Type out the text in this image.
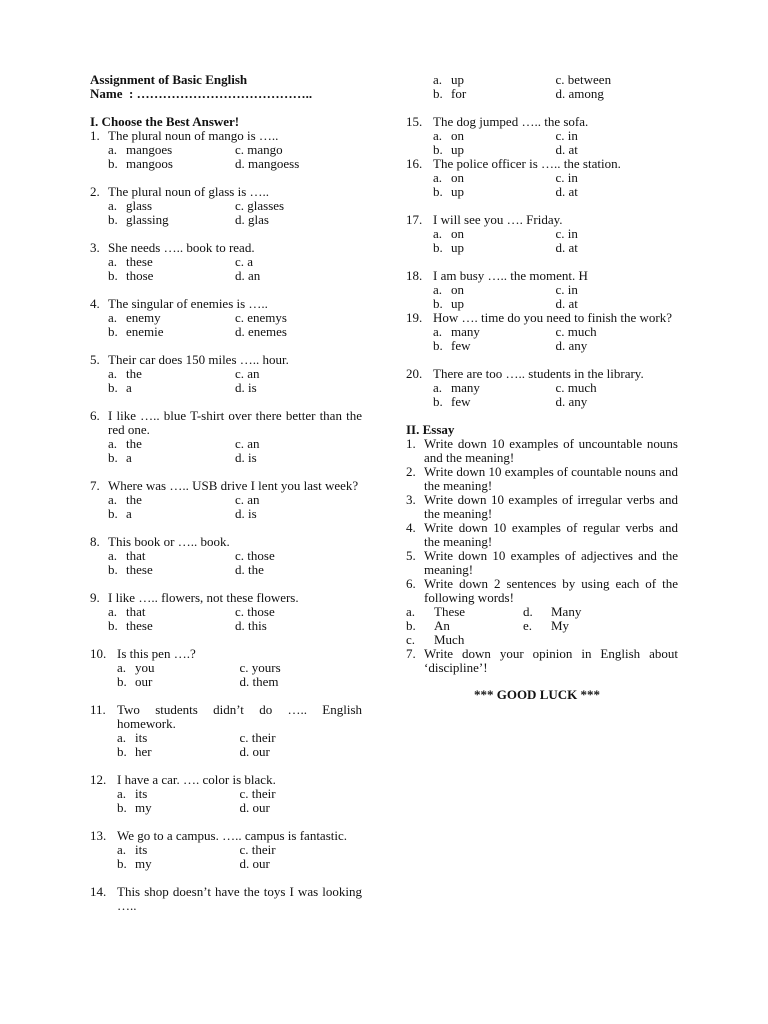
Assignment of Basic English
Name : …………………………………..
I. Choose the Best Answer!
1. The plural noun of mango is …..
a. mangoes	c. mango
b. mangoos	d. mangoess
2. The plural noun of glass is …..
a. glass	c. glasses
b. glassing	d. glas
3. She needs ….. book to read.
a. these	c. a
b. those	d. an
4. The singular of enemies is …..
a. enemy	c. enemys
b. enemie	d. enemes
5. Their car does 150 miles ….. hour.
a. the	c. an
b. a	d. is
6. I like ….. blue T-shirt over there better than the red one.
a. the	c. an
b. a	d. is
7. Where was ….. USB drive I lent you last week?
a. the	c. an
b. a	d. is
8. This book or ….. book.
a. that	c. those
b. these	d. the
9. I like ….. flowers, not these flowers.
a. that	c. those
b. these	d. this
10. Is this pen ….?
a. you	c. yours
b. our	d. them
11. Two students didn’t do ….. English homework.
a. its	c. their
b. her	d. our
12. I have a car. …. color is black.
a. its	c. their
b. my	d. our
13. We go to a campus. ….. campus is fantastic.
a. its	c. their
b. my	d. our
14. This shop doesn’t have the toys I was looking …..
a. up	c. between
b. for	d. among
15. The dog jumped ….. the sofa.
a. on	c. in
b. up	d. at
16. The police officer is ….. the station.
a. on	c. in
b. up	d. at
17. I will see you …. Friday.
a. on	c. in
b. up	d. at
18. I am busy ….. the moment. H
a. on	c. in
b. up	d. at
19. How …. time do you need to finish the work?
a. many	c. much
b. few	d. any
20. There are too ….. students in the library.
a. many	c. much
b. few	d. any
II. Essay
1. Write down 10 examples of uncountable nouns and the meaning!
2. Write down 10 examples of countable nouns and the meaning!
3. Write down 10 examples of irregular verbs and the meaning!
4. Write down 10 examples of regular verbs and the meaning!
5. Write down 10 examples of adjectives and the meaning!
6. Write down 2 sentences by using each of the following words!
a.	These	d.	Many
b.	An	e.	My
c.	Much
7. Write down your opinion in English about ‘discipline’!
*** GOOD LUCK ***
